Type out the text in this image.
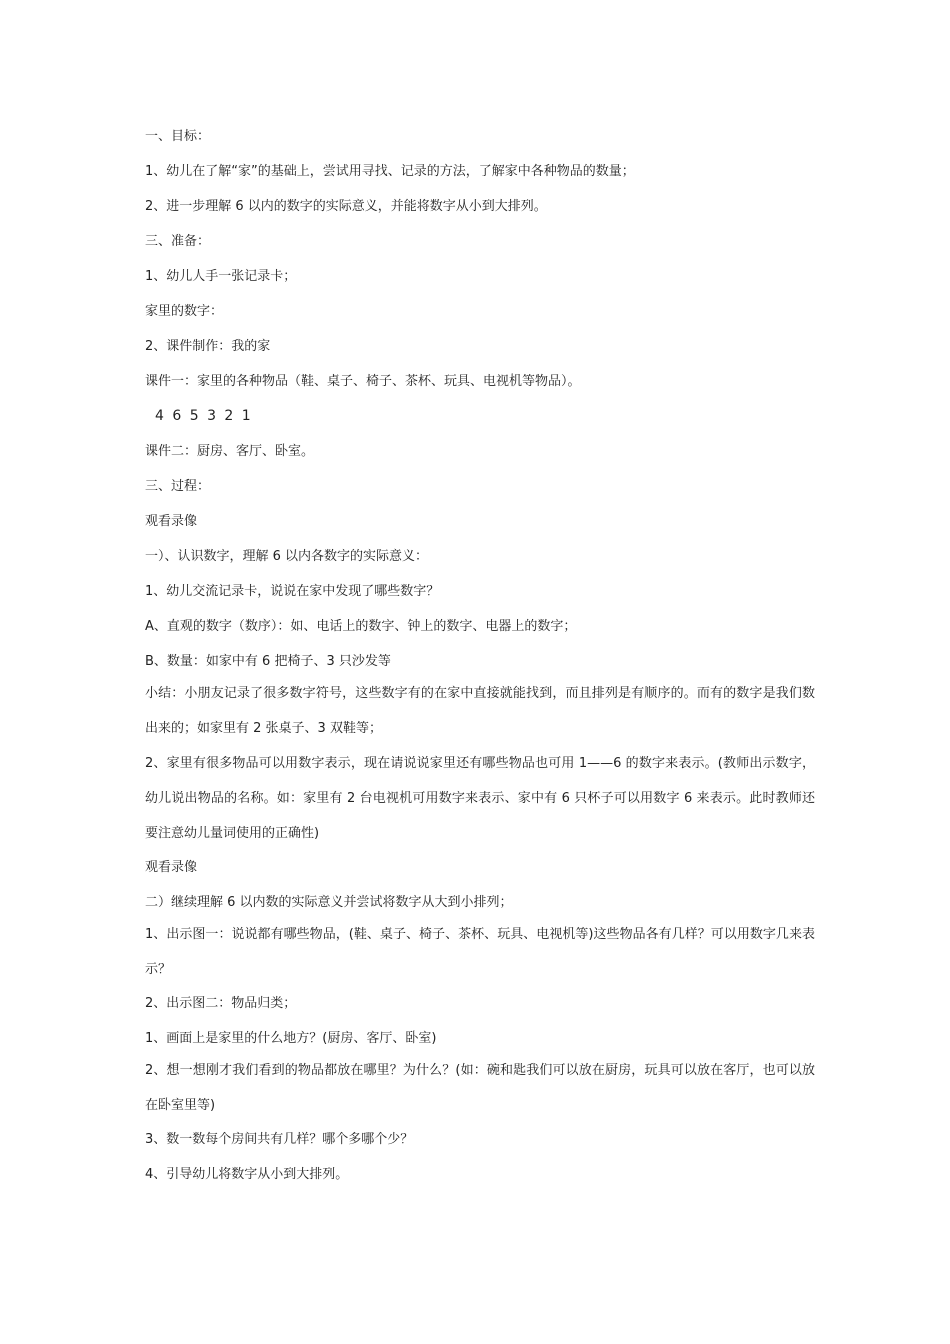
一、目标：
1、幼儿在了解“家”的基础上，尝试用寻找、记录的方法，了解家中各种物品的数量；
2、进一步理解 6 以内的数字的实际意义，并能将数字从小到大排列。
三、准备：
1、幼儿人手一张记录卡；
家里的数字：
2、课件制作：我的家
课件一：家里的各种物品（鞋、桌子、椅子、茶杯、玩具、电视机等物品）。
4 6 5 3 2 1
课件二：厨房、客厅、卧室。
三、过程：
观看录像
一）、认识数字，理解 6 以内各数字的实际意义：
1、幼儿交流记录卡，说说在家中发现了哪些数字？
A、直观的数字（数序）：如、电话上的数字、钟上的数字、电器上的数字；
B、数量：如家中有 6 把椅子、3 只沙发等
小结：小朋友记录了很多数字符号，这些数字有的在家中直接就能找到，而且排列是有顺序的。而有的数字是我们数出来的；如家里有 2 张桌子、3 双鞋等；
2、家里有很多物品可以用数字表示，现在请说说家里还有哪些物品也可用 1——6 的数字来表示。(教师出示数字，幼儿说出物品的名称。如：家里有 2 台电视机可用数字来表示、家中有 6 只杯子可以用数字 6 来表示。此时教师还要注意幼儿量词使用的正确性)
观看录像
二）继续理解 6 以内数的实际意义并尝试将数字从大到小排列；
1、出示图一：说说都有哪些物品，(鞋、桌子、椅子、茶杯、玩具、电视机等)这些物品各有几样？可以用数字几来表示？
2、出示图二：物品归类；
1、画面上是家里的什么地方？(厨房、客厅、卧室)
2、想一想刚才我们看到的物品都放在哪里？为什么？(如：碗和匙我们可以放在厨房，玩具可以放在客厅，也可以放在卧室里等)
3、数一数每个房间共有几样？哪个多哪个少？
4、引导幼儿将数字从小到大排列。
